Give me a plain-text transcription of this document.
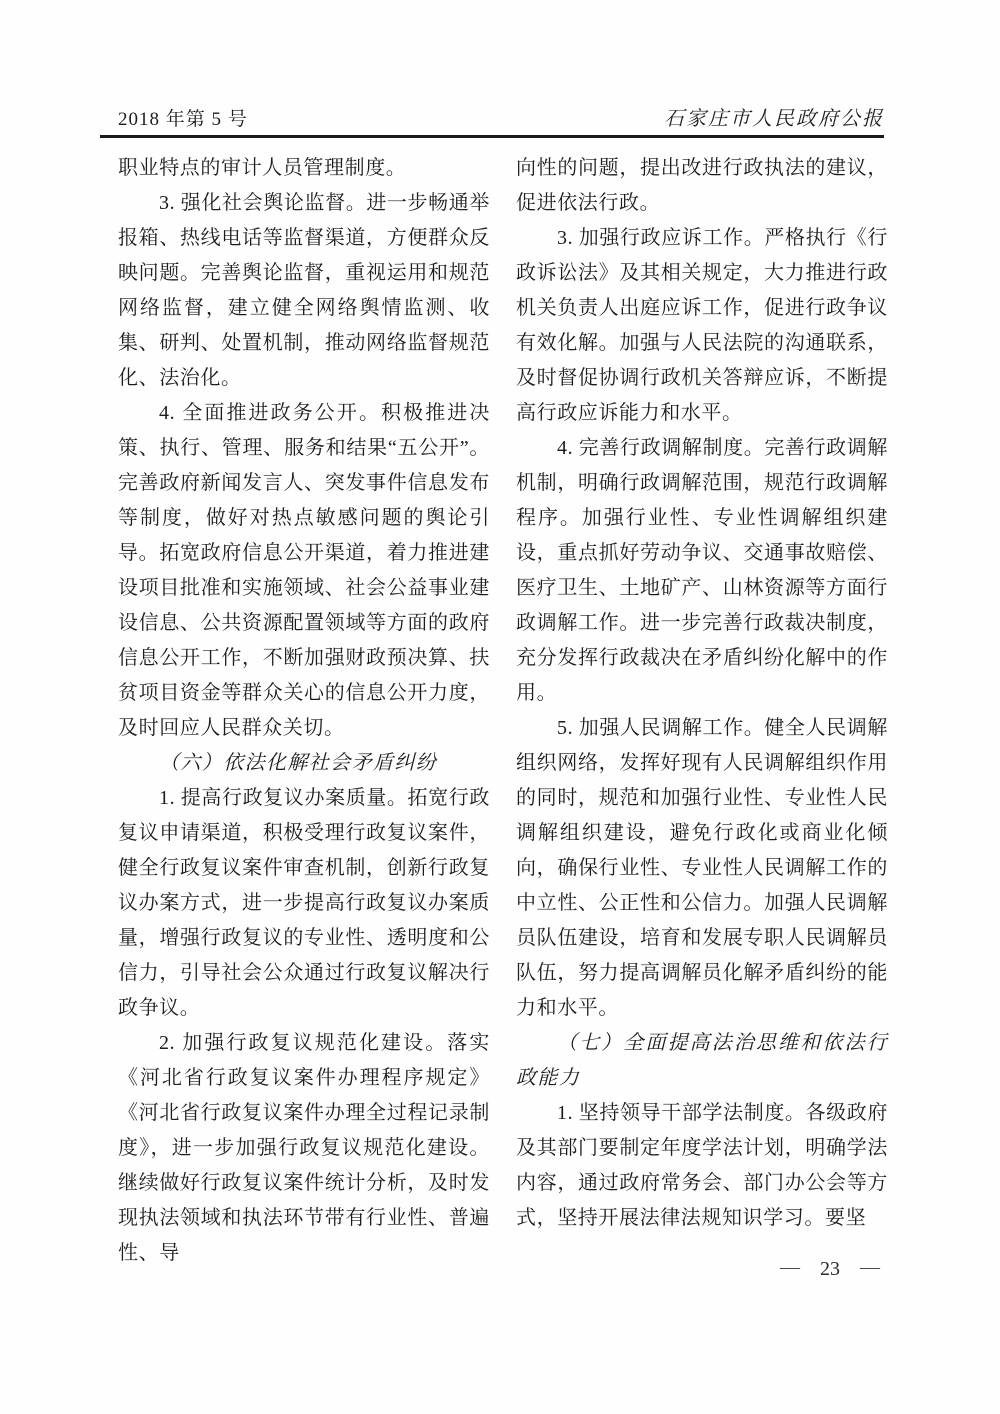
2018 年第 5 号	石家庄市人民政府公报

职业特点的审计人员管理制度。

3. 强化社会舆论监督。进一步畅通举报箱、热线电话等监督渠道，方便群众反映问题。完善舆论监督，重视运用和规范网络监督，建立健全网络舆情监测、收集、研判、处置机制，推动网络监督规范化、法治化。

4. 全面推进政务公开。积极推进决策、执行、管理、服务和结果“五公开”。完善政府新闻发言人、突发事件信息发布等制度，做好对热点敏感问题的舆论引导。拓宽政府信息公开渠道，着力推进建设项目批准和实施领域、社会公益事业建设信息、公共资源配置领域等方面的政府信息公开工作，不断加强财政预决算、扶贫项目资金等群众关心的信息公开力度，及时回应人民群众关切。

（六）依法化解社会矛盾纠纷

1. 提高行政复议办案质量。拓宽行政复议申请渠道，积极受理行政复议案件，健全行政复议案件审查机制，创新行政复议办案方式，进一步提高行政复议办案质量，增强行政复议的专业性、透明度和公信力，引导社会公众通过行政复议解决行政争议。

2. 加强行政复议规范化建设。落实《河北省行政复议案件办理程序规定》《河北省行政复议案件办理全过程记录制度》，进一步加强行政复议规范化建设。继续做好行政复议案件统计分析，及时发现执法领域和执法环节带有行业性、普遍性、导

向性的问题，提出改进行政执法的建议，促进依法行政。

3. 加强行政应诉工作。严格执行《行政诉讼法》及其相关规定，大力推进行政机关负责人出庭应诉工作，促进行政争议有效化解。加强与人民法院的沟通联系，及时督促协调行政机关答辩应诉，不断提高行政应诉能力和水平。

4. 完善行政调解制度。完善行政调解机制，明确行政调解范围，规范行政调解程序。加强行业性、专业性调解组织建设，重点抓好劳动争议、交通事故赔偿、医疗卫生、土地矿产、山林资源等方面行政调解工作。进一步完善行政裁决制度，充分发挥行政裁决在矛盾纠纷化解中的作用。

5. 加强人民调解工作。健全人民调解组织网络，发挥好现有人民调解组织作用的同时，规范和加强行业性、专业性人民调解组织建设，避免行政化或商业化倾向，确保行业性、专业性人民调解工作的中立性、公正性和公信力。加强人民调解员队伍建设，培育和发展专职人民调解员队伍，努力提高调解员化解矛盾纠纷的能力和水平。

（七）全面提高法治思维和依法行政能力

1. 坚持领导干部学法制度。各级政府及其部门要制定年度学法计划，明确学法内容，通过政府常务会、部门办公会等方式，坚持开展法律法规知识学习。要坚

— 23 —
